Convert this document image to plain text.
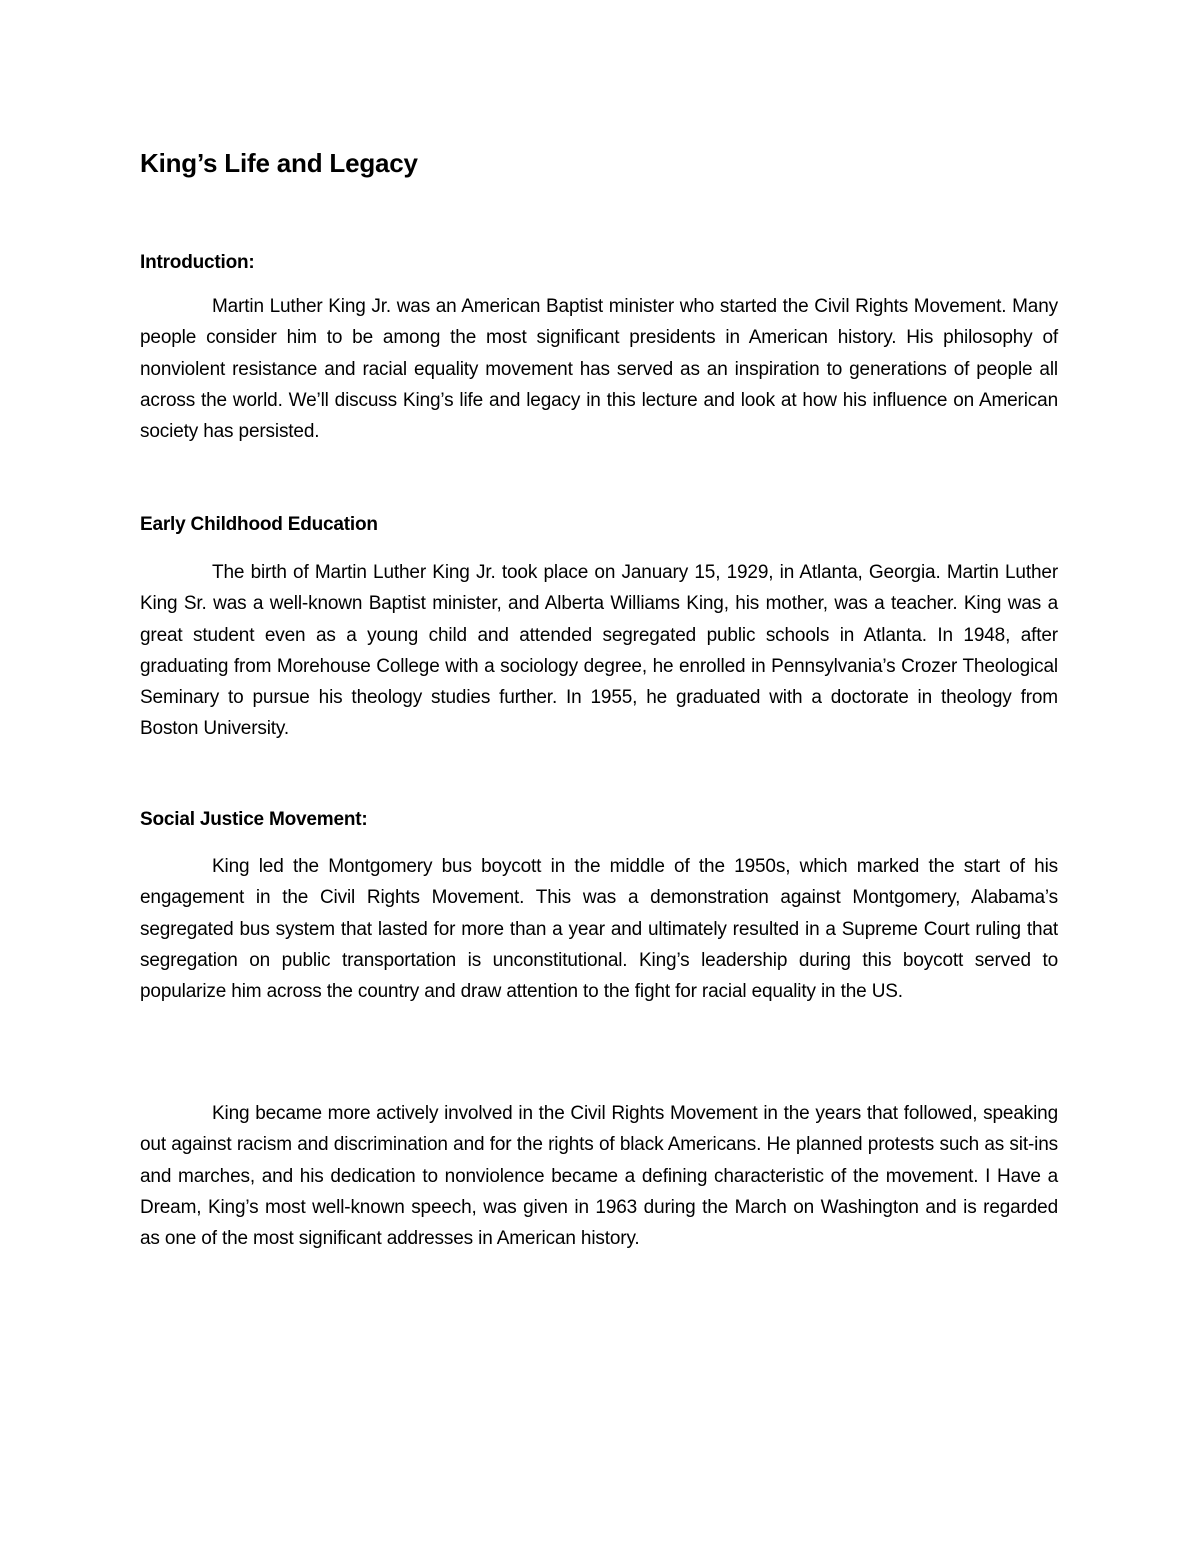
King’s Life and Legacy
Introduction:

Martin Luther King Jr. was an American Baptist minister who started the Civil Rights Movement. Many people consider him to be among the most significant presidents in American history. His philosophy of nonviolent resistance and racial equality movement has served as an inspiration to generations of people all across the world. We’ll discuss King’s life and legacy in this lecture and look at how his influence on American society has persisted.

Early Childhood Education

The birth of Martin Luther King Jr. took place on January 15, 1929, in Atlanta, Georgia. Martin Luther King Sr. was a well-known Baptist minister, and Alberta Williams King, his mother, was a teacher. King was a great student even as a young child and attended segregated public schools in Atlanta. In 1948, after graduating from Morehouse College with a sociology degree, he enrolled in Pennsylvania’s Crozer Theological Seminary to pursue his theology studies further. In 1955, he graduated with a doctorate in theology from Boston University.

Social Justice Movement:

King led the Montgomery bus boycott in the middle of the 1950s, which marked the start of his engagement in the Civil Rights Movement. This was a demonstration against Montgomery, Alabama’s segregated bus system that lasted for more than a year and ultimately resulted in a Supreme Court ruling that segregation on public transportation is unconstitutional. King’s leadership during this boycott served to popularize him across the country and draw attention to the fight for racial equality in the US.

King became more actively involved in the Civil Rights Movement in the years that followed, speaking out against racism and discrimination and for the rights of black Americans. He planned protests such as sit-ins and marches, and his dedication to nonviolence became a defining characteristic of the movement. I Have a Dream, King’s most well-known speech, was given in 1963 during the March on Washington and is regarded as one of the most significant addresses in American history.
